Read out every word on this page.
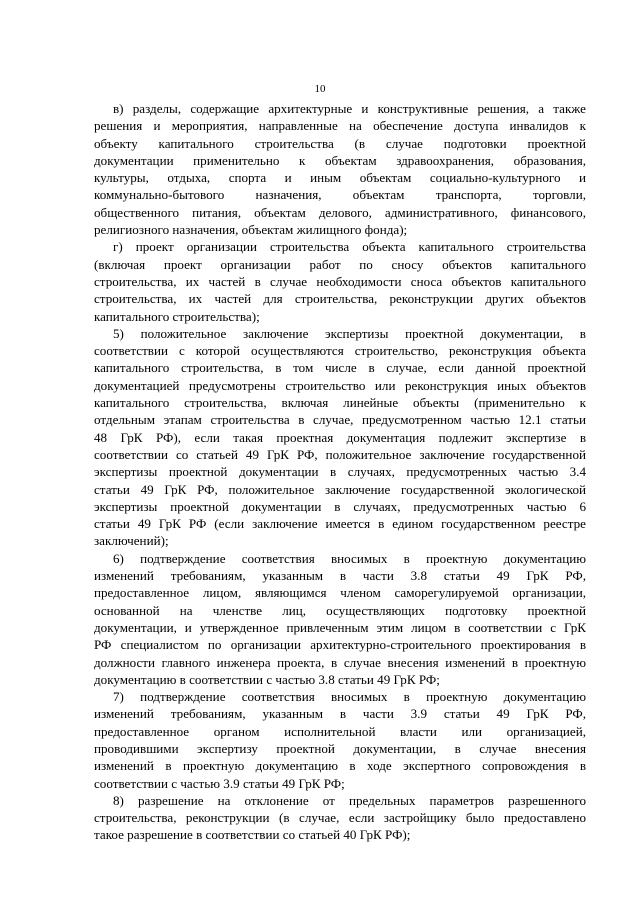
10
в) разделы, содержащие архитектурные и конструктивные решения, а также
решения и мероприятия, направленные на обеспечение доступа инвалидов к
объекту капитального строительства (в случае подготовки проектной
документации применительно к объектам здравоохранения, образования,
культуры, отдыха, спорта и иным объектам социально-культурного и
коммунально-бытового назначения, объектам транспорта, торговли,
общественного питания, объектам делового, административного, финансового,
религиозного назначения, объектам жилищного фонда);
г) проект организации строительства объекта капитального строительства
(включая проект организации работ по сносу объектов капитального
строительства, их частей в случае необходимости сноса объектов капитального
строительства, их частей для строительства, реконструкции других объектов
капитального строительства);
5) положительное заключение экспертизы проектной документации, в
соответствии с которой осуществляются строительство, реконструкция объекта
капитального строительства, в том числе в случае, если данной проектной
документацией предусмотрены строительство или реконструкция иных объектов
капитального строительства, включая линейные объекты (применительно к
отдельным этапам строительства в случае, предусмотренном частью 12.1 статьи
48 ГрК РФ), если такая проектная документация подлежит экспертизе в
соответствии со статьей 49 ГрК РФ, положительное заключение государственной
экспертизы проектной документации в случаях, предусмотренных частью 3.4
статьи 49 ГрК РФ, положительное заключение государственной экологической
экспертизы проектной документации в случаях, предусмотренных частью 6
статьи 49 ГрК РФ (если заключение имеется в едином государственном реестре
заключений);
6) подтверждение соответствия вносимых в проектную документацию
изменений требованиям, указанным в части 3.8 статьи 49 ГрК РФ,
предоставленное лицом, являющимся членом саморегулируемой организации,
основанной на членстве лиц, осуществляющих подготовку проектной
документации, и утвержденное привлеченным этим лицом в соответствии с ГрК
РФ специалистом по организации архитектурно-строительного проектирования в
должности главного инженера проекта, в случае внесения изменений в проектную
документацию в соответствии с частью 3.8 статьи 49 ГрК РФ;
7) подтверждение соответствия вносимых в проектную документацию
изменений требованиям, указанным в части 3.9 статьи 49 ГрК РФ,
предоставленное органом исполнительной власти или организацией,
проводившими экспертизу проектной документации, в случае внесения
изменений в проектную документацию в ходе экспертного сопровождения в
соответствии с частью 3.9 статьи 49 ГрК РФ;
8) разрешение на отклонение от предельных параметров разрешенного
строительства, реконструкции (в случае, если застройщику было предоставлено
такое разрешение в соответствии со статьей 40 ГрК РФ);
